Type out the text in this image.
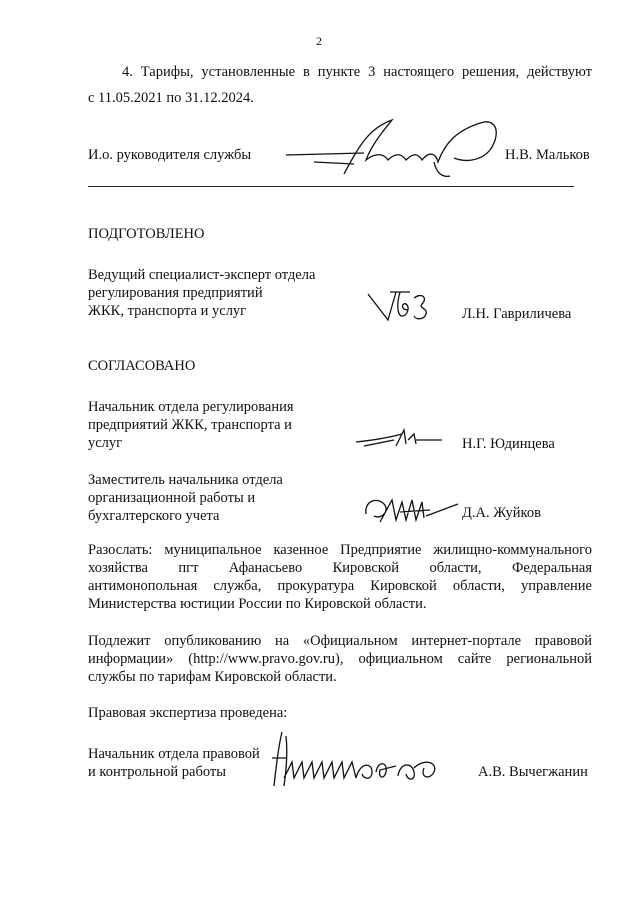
2
4. Тарифы, установленные в пункте 3 настоящего решения, действуют
с 11.05.2021 по 31.12.2024.
И.о. руководителя службы	Н.В. Мальков
ПОДГОТОВЛЕНО
Ведущий специалист-эксперт отдела
регулирования предприятий
ЖКК, транспорта и услуг	Л.Н. Гавриличева
СОГЛАСОВАНО
Начальник отдела регулирования
предприятий ЖКК, транспорта и
услуг	Н.Г. Юдинцева
Заместитель начальника отдела
организационной работы и
бухгалтерского учета	Д.А. Жуйков
Разослать: муниципальное казенное Предприятие жилищно-коммунального
хозяйства пгт Афанасьево Кировской области, Федеральная
антимонопольная служба, прокуратура Кировской области, управление
Министерства юстиции России по Кировской области.
Подлежит опубликованию на «Официальном интернет-портале правовой
информации» (http://www.pravo.gov.ru), официальном сайте региональной
службы по тарифам Кировской области.
Правовая экспертиза проведена:
Начальник отдела правовой
и контрольной работы	А.В. Вычегжанин
